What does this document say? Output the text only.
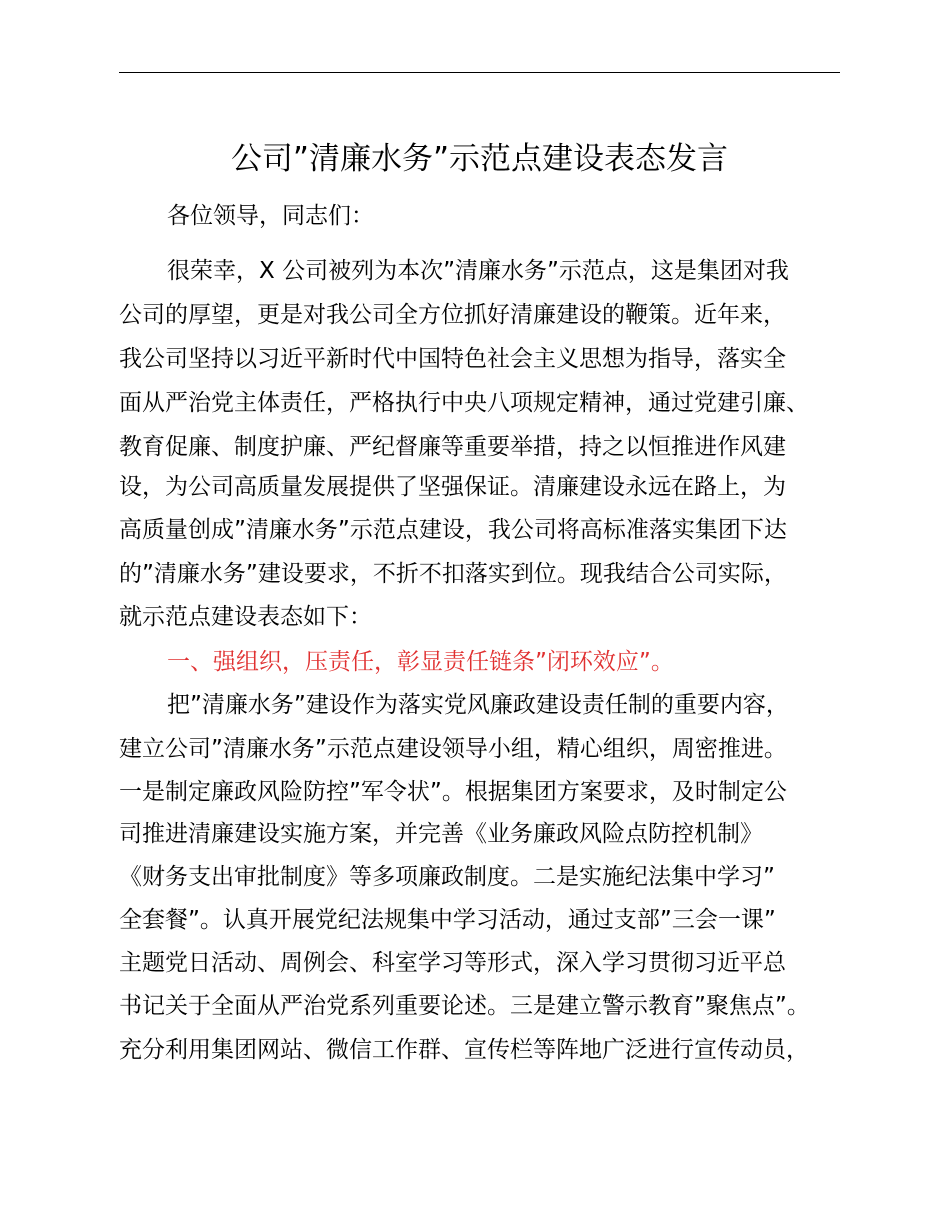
公司”清廉水务”示范点建设表态发言

各位领导，同志们：

很荣幸，X 公司被列为本次”清廉水务”示范点，这是集团对我

公司的厚望，更是对我公司全方位抓好清廉建设的鞭策。近年来，

我公司坚持以习近平新时代中国特色社会主义思想为指导，落实全

面从严治党主体责任，严格执行中央八项规定精神，通过党建引廉、

教育促廉、制度护廉、严纪督廉等重要举措，持之以恒推进作风建

设，为公司高质量发展提供了坚强保证。清廉建设永远在路上，为

高质量创成”清廉水务”示范点建设，我公司将高标准落实集团下达

的”清廉水务”建设要求，不折不扣落实到位。现我结合公司实际，

就示范点建设表态如下：

一、强组织，压责任，彰显责任链条”闭环效应”。

把”清廉水务”建设作为落实党风廉政建设责任制的重要内容，

建立公司”清廉水务”示范点建设领导小组，精心组织，周密推进。

一是制定廉政风险防控”军令状”。根据集团方案要求，及时制定公

司推进清廉建设实施方案，并完善《业务廉政风险点防控机制》

《财务支出审批制度》等多项廉政制度。二是实施纪法集中学习”

全套餐”。认真开展党纪法规集中学习活动，通过支部”三会一课”

主题党日活动、周例会、科室学习等形式，深入学习贯彻习近平总

书记关于全面从严治党系列重要论述。三是建立警示教育”聚焦点”。

充分利用集团网站、微信工作群、宣传栏等阵地广泛进行宣传动员，
